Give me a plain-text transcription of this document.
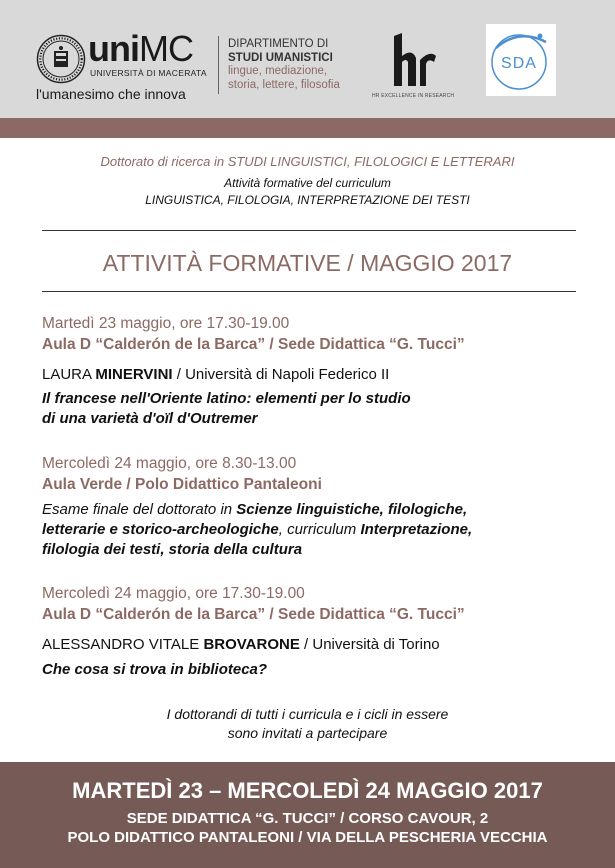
uniMC
UNIVERSITÀ DI MACERATA
l'umanesimo che innova
DIPARTIMENTO DI
STUDI UMANISTICI
lingue, mediazione,
storia, lettere, filosofia
HR EXCELLENCE IN RESEARCH
SDA
Dottorato di ricerca in STUDI LINGUISTICI, FILOLOGICI E LETTERARI
Attività formative del curriculum
LINGUISTICA, FILOLOGIA, INTERPRETAZIONE DEI TESTI
ATTIVITÀ FORMATIVE / MAGGIO 2017
Martedì 23 maggio, ore 17.30-19.00
Aula D “Calderón de la Barca” / Sede Didattica “G. Tucci”
LAURA MINERVINI / Università di Napoli Federico II
Il francese nell'Oriente latino: elementi per lo studio
di una varietà d'oïl d'Outremer
Mercoledì 24 maggio, ore 8.30-13.00
Aula Verde / Polo Didattico Pantaleoni
Esame finale del dottorato in Scienze linguistiche, filologiche,
letterarie e storico-archeologiche, curriculum Interpretazione,
filologia dei testi, storia della cultura
Mercoledì 24 maggio, ore 17.30-19.00
Aula D “Calderón de la Barca” / Sede Didattica “G. Tucci”
ALESSANDRO VITALE BROVARONE / Università di Torino
Che cosa si trova in biblioteca?
I dottorandi di tutti i curricula e i cicli in essere
sono invitati a partecipare
MARTEDÌ 23 – MERCOLEDÌ 24 MAGGIO 2017
SEDE DIDATTICA “G. TUCCI” / CORSO CAVOUR, 2
POLO DIDATTICO PANTALEONI / VIA DELLA PESCHERIA VECCHIA
